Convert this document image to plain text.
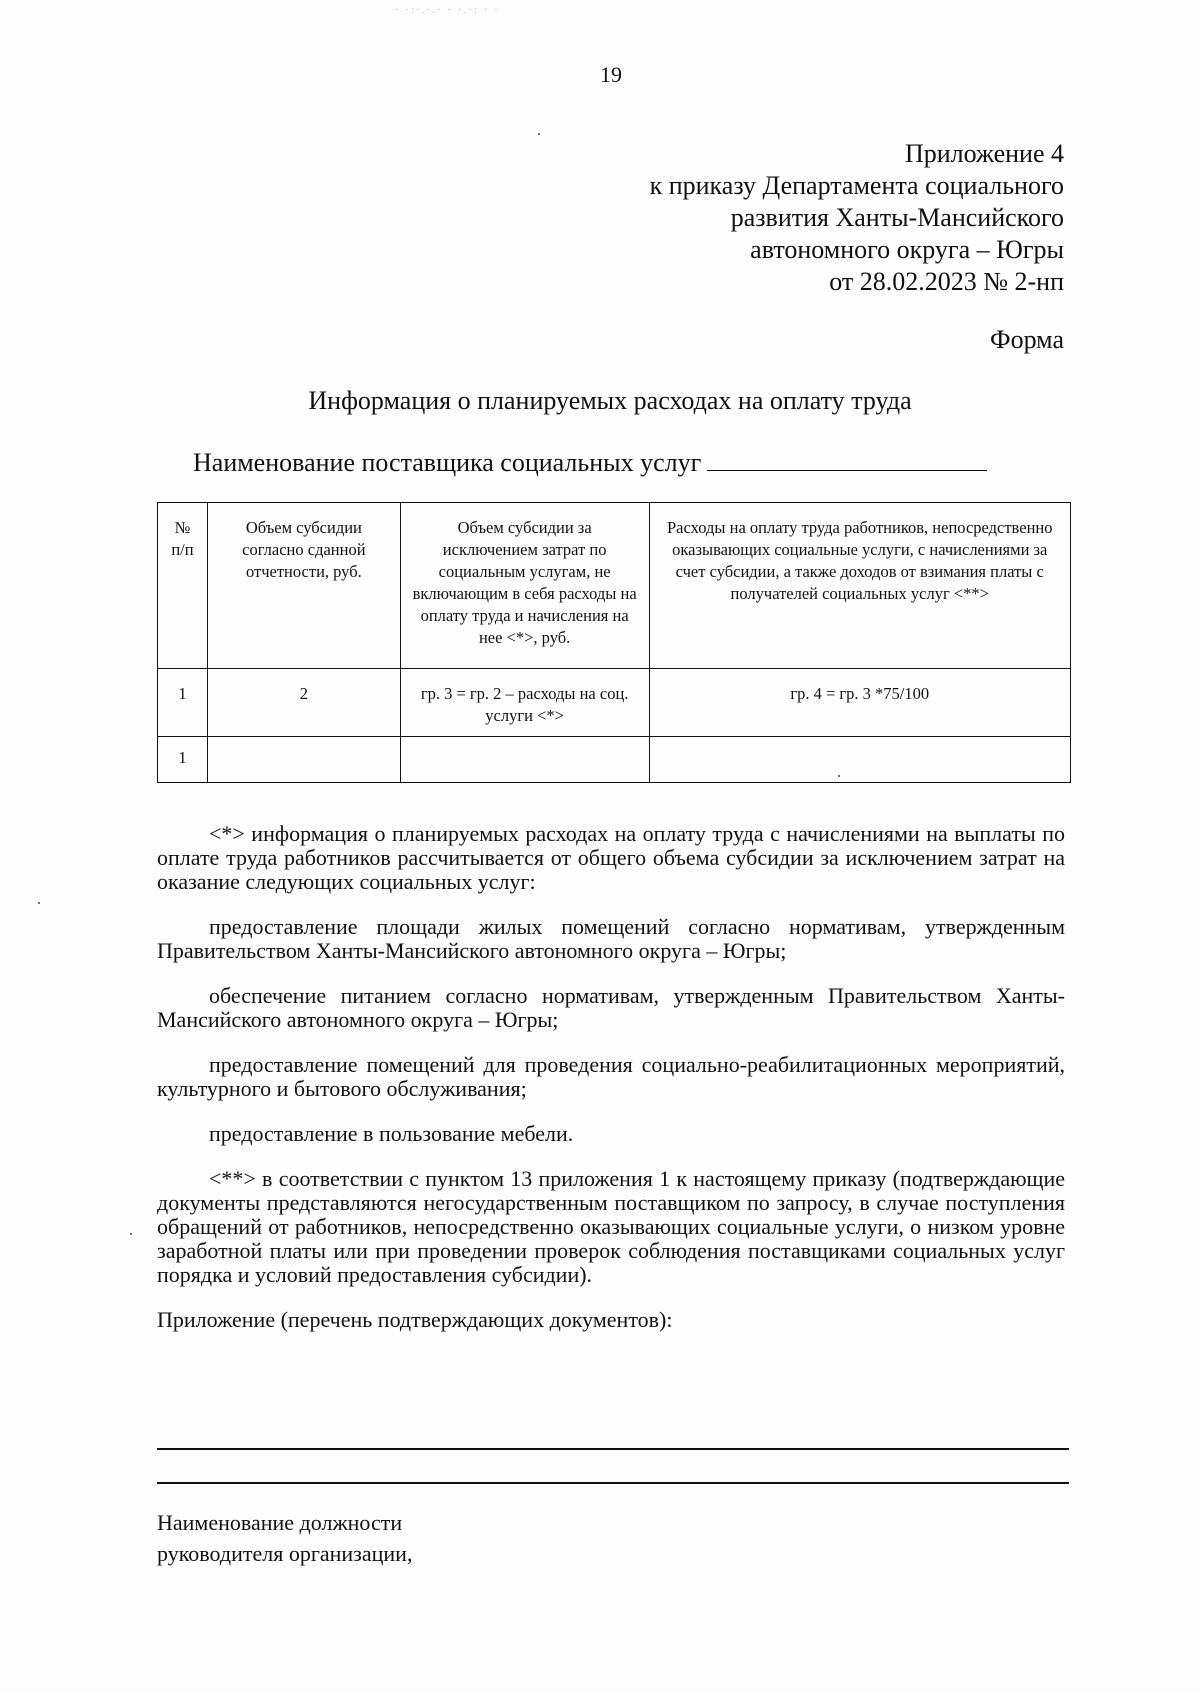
· ·:·.·.· · ·.·: · ·
19
Приложение 4
к приказу Департамента социального
развития Ханты-Мансийского
автономного округа – Югры
от 28.02.2023 № 2-нп
Форма
Информация о планируемых расходах на оплату труда
Наименование поставщика социальных услуг
№ п/п	Объем субсидии согласно сданной отчетности, руб.	Объем субсидии за исключением затрат по социальным услугам, не включающим в себя расходы на оплату труда и начисления на нее <*>, руб.	Расходы на оплату труда работников, непосредственно оказывающих социальные услуги, с начислениями за счет субсидии, а также доходов от взимания платы с получателей социальных услуг <**>
1	2	гр. 3 = гр. 2 – расходы на соц. услуги <*>	гр. 4 = гр. 3 *75/100
1			

<*> информация о планируемых расходах на оплату труда с начислениями на выплаты по оплате труда работников рассчитывается от общего объема субсидии за исключением затрат на оказание следующих социальных услуг:

предоставление площади жилых помещений согласно нормативам, утвержденным Правительством Ханты-Мансийского автономного округа – Югры;

обеспечение питанием согласно нормативам, утвержденным Правительством Ханты-Мансийского автономного округа – Югры;

предоставление помещений для проведения социально-реабилитационных мероприятий, культурного и бытового обслуживания;

предоставление в пользование мебели.

<**> в соответствии с пунктом 13 приложения 1 к настоящему приказу (подтверждающие документы представляются негосударственным поставщиком по запросу, в случае поступления обращений от работников, непосредственно оказывающих социальные услуги, о низком уровне заработной платы или при проведении проверок соблюдения поставщиками социальных услуг порядка и условий предоставления субсидии).

Приложение (перечень подтверждающих документов):

Наименование должности
руководителя организации,
